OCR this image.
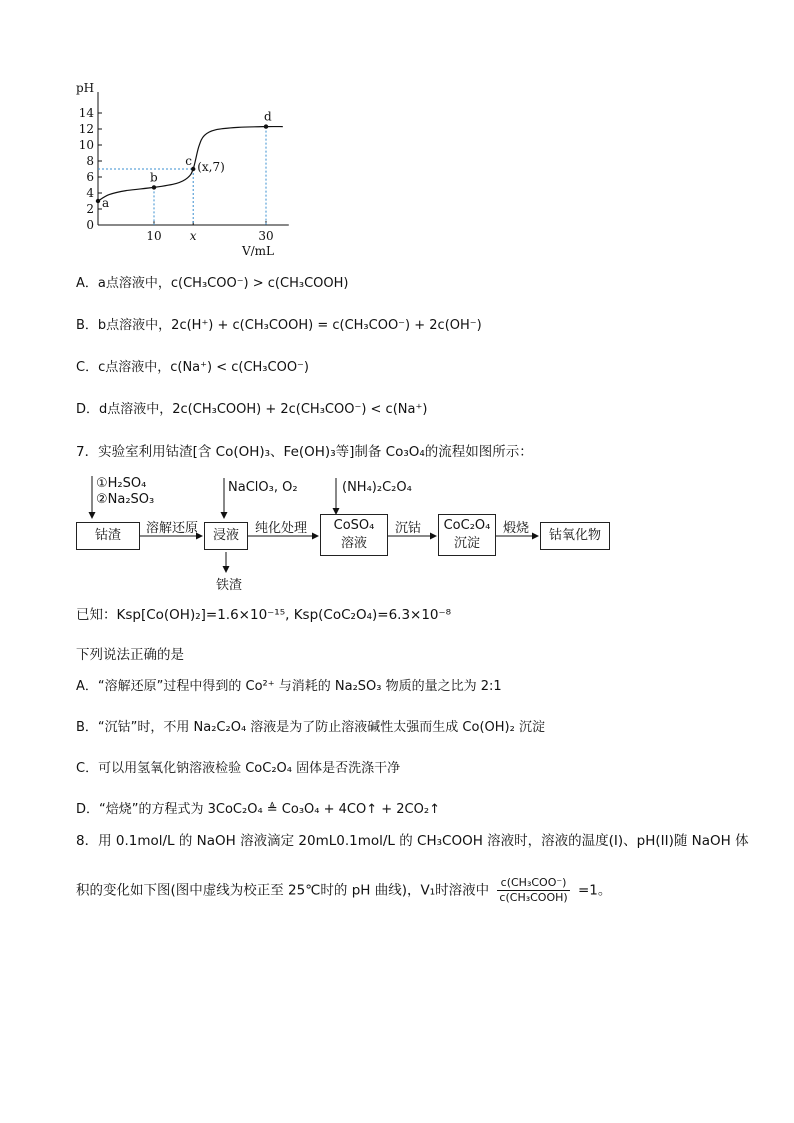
14
12
10
8
6
4
2
0
pH
10 x	30
V/mL
a
b
c (x,7)
d
A．a点溶液中，c(CH₃COO⁻) > c(CH₃COOH)
B．b点溶液中，2c(H⁺) + c(CH₃COOH) = c(CH₃COO⁻) + 2c(OH⁻)
C．c点溶液中，c(Na⁺) < c(CH₃COO⁻)
D．d点溶液中，2c(CH₃COOH) + 2c(CH₃COO⁻) < c(Na⁺)
7．实验室利用钴渣[含 Co(OH)₃、Fe(OH)₃等]制备 Co₃O₄的流程如图所示：
①H₂SO₄
②Na₂SO₃
NaClO₃, O₂	(NH₄)₂C₂O₄
钴渣	溶解还原	浸液	纯化处理	CoSO₄
溶液
沉钴	CoC₂O₄
沉淀
煅烧	钴氧化物
铁渣
已知：Ksp[Co(OH)₂]=1.6×10⁻¹⁵, Ksp(CoC₂O₄)=6.3×10⁻⁸
下列说法正确的是
A．“溶解还原”过程中得到的 Co²⁺ 与消耗的 Na₂SO₃ 物质的量之比为 2:1
B．“沉钴”时，不用 Na₂C₂O₄ 溶液是为了防止溶液碱性太强而生成 Co(OH)₂ 沉淀
C．可以用氢氧化钠溶液检验 CoC₂O₄ 固体是否洗涤干净
D．“焙烧”的方程式为 3CoC₂O₄ ≜ Co₃O₄ + 4CO↑ + 2CO₂↑
8．用 0.1mol/L 的 NaOH 溶液滴定 20mL0.1mol/L 的 CH₃COOH 溶液时，溶液的温度(I)、pH(II)随 NaOH 体
积的变化如下图(图中虚线为校正至 25℃时的 pH 曲线)，V₁时溶液中 c(CH₃COO⁻)
c(CH₃COOH) =1。
